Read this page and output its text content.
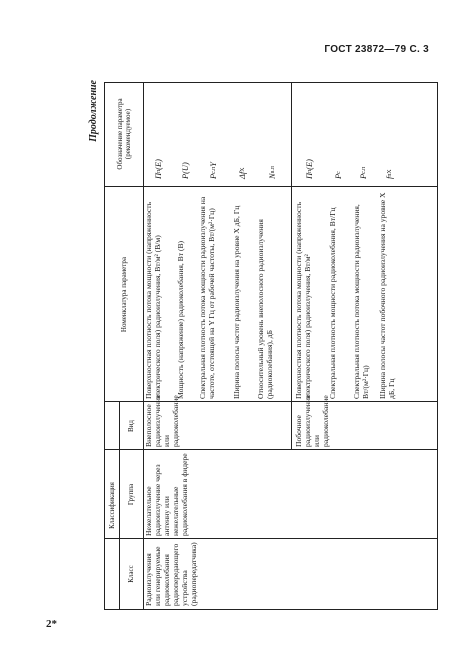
ГОСТ 23872—79 С. 3
Продолжение
Классификация
Класс
Группа
Вид
Номенклатура параметра
Обозначение параметра (рекомендуемое)
Радиоизлучения или генерируемые радиоколебания радиопередающего устройства (радиопередатчика)
Нежелательное радиоизлучение через антенну или нежелательные радиоколебания в фидере
Внеполосное радиоизлучение или радиоколебание	Побочное радиоизлучение или радиоколебание
Поверхностная плотность потока мощности (напряженность электрического поля) радиоизлучения, Вт/м² (В/м)
П
п
(E)
Мощность (напряжение) радиоколебания, Вт (В)
P
(U)
Спектральная плотность потока мощности радиоизлучения на частоте, отстоящей на Y Гц от рабочей частоты, Вт/(м²·Гц)
P
с.п
Y
Ширина полосы частот радиоизлучения на уровне X дБ, Гц
Δf
X
Относительный уровень внеполосного радиоизлучения (радиоколебания), дБ
N
в.п
Поверхностная плотность потока мощности (напряженность электрического поля) радиоизлучения, Вт/м²
П
п
(E)
Спектральная плотность мощности радиоколебания, Вт/Гц
P
с
Спектральная плотность потока мощности радиоизлучения, Вт/(м²·Гц)
P
с.п
Ширина полосы частот побочного радиоизлучения на уровне X дБ, Гц
f
пX
2*
